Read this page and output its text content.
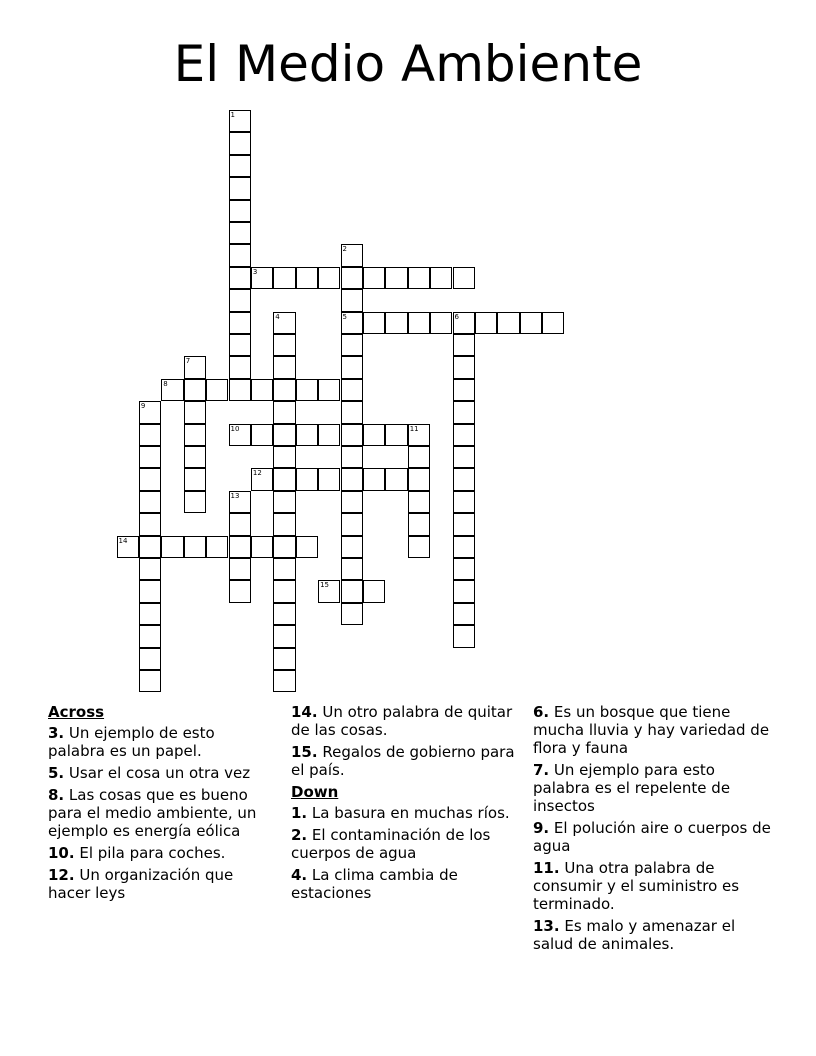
El Medio Ambiente
1
2
5
3
4	6
7
8
9
10	11
12
13
14
15
Across

3. Un ejemplo de esto palabra es un papel.

5. Usar el cosa un otra vez

8. Las cosas que es bueno para el medio ambiente, un ejemplo es energía eólica

10. El pila para coches.

12. Un organización que hacer leys

14. Un otro palabra de quitar de las cosas.

15. Regalos de gobierno para el país.

Down

1. La basura en muchas ríos.

2. El contaminación de los cuerpos de agua

4. La clima cambia de estaciones

6. Es un bosque que tiene mucha lluvia y hay variedad de flora y fauna

7. Un ejemplo para esto palabra es el repelente de insectos

9. El polución aire o cuerpos de agua

11. Una otra palabra de consumir y el suministro es terminado.

13. Es malo y amenazar el salud de animales.
